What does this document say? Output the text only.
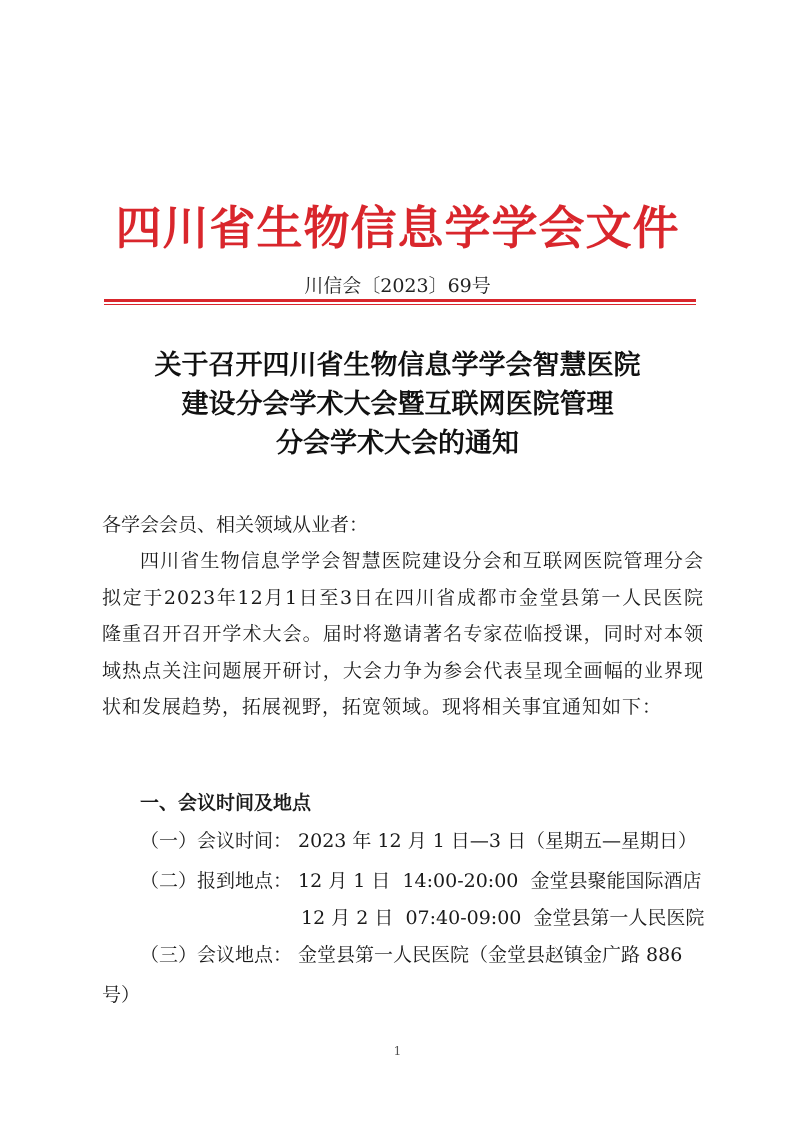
四川省生物信息学学会文件
川信会〔2023〕69号
关于召开四川省生物信息学学会智慧医院
建设分会学术大会暨互联网医院管理
分会学术大会的通知
各学会会员、相关领域从业者：
四川省生物信息学学会智慧医院建设分会和互联网医院管理分会拟定于2023年12月1日至3日在四川省成都市金堂县第一人民医院隆重召开召开学术大会。届时将邀请著名专家莅临授课，同时对本领域热点关注问题展开研讨，大会力争为参会代表呈现全画幅的业界现状和发展趋势，拓展视野，拓宽领域。现将相关事宜通知如下：
一、会议时间及地点
（一）会议时间： 2023 年 12 月 1 日—3 日（星期五—星期日）
（二）报到地点： 12 月 1 日 14:00-20:00 金堂县聚能国际酒店
12 月 2 日 07:40-09:00 金堂县第一人民医院
（三）会议地点： 金堂县第一人民医院（金堂县赵镇金广路 886
号）
1
